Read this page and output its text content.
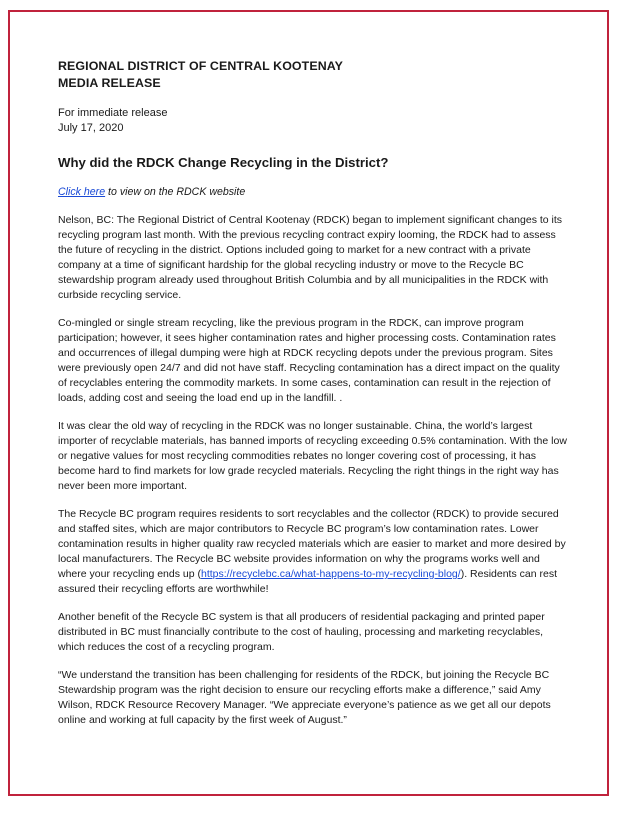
REGIONAL DISTRICT OF CENTRAL KOOTENAY
MEDIA RELEASE
For immediate release
July 17, 2020
Why did the RDCK Change Recycling in the District?
Click here to view on the RDCK website

Nelson, BC: The Regional District of Central Kootenay (RDCK) began to implement significant changes to its recycling program last month. With the previous recycling contract expiry looming, the RDCK had to assess the future of recycling in the district. Options included going to market for a new contract with a private company at a time of significant hardship for the global recycling industry or move to the Recycle BC stewardship program already used throughout British Columbia and by all municipalities in the RDCK with curbside recycling service.

Co-mingled or single stream recycling, like the previous program in the RDCK, can improve program participation; however, it sees higher contamination rates and higher processing costs. Contamination rates and occurrences of illegal dumping were high at RDCK recycling depots under the previous program. Sites were previously open 24/7 and did not have staff. Recycling contamination has a direct impact on the quality of recyclables entering the commodity markets. In some cases, contamination can result in the rejection of loads, adding cost and seeing the load end up in the landfill. .

It was clear the old way of recycling in the RDCK was no longer sustainable. China, the world’s largest importer of recyclable materials, has banned imports of recycling exceeding 0.5% contamination. With the low or negative values for most recycling commodities rebates no longer covering cost of processing, it has become hard to find markets for low grade recycled materials. Recycling the right things in the right way has never been more important.

The Recycle BC program requires residents to sort recyclables and the collector (RDCK) to provide secured and staffed sites, which are major contributors to Recycle BC program’s low contamination rates. Lower contamination results in higher quality raw recycled materials which are easier to market and more desired by local manufacturers. The Recycle BC website provides information on why the programs works well and where your recycling ends up (https://recyclebc.ca/what-happens-to-my-recycling-blog/). Residents can rest assured their recycling efforts are worthwhile!

Another benefit of the Recycle BC system is that all producers of residential packaging and printed paper distributed in BC must financially contribute to the cost of hauling, processing and marketing recyclables, which reduces the cost of a recycling program.

“We understand the transition has been challenging for residents of the RDCK, but joining the Recycle BC Stewardship program was the right decision to ensure our recycling efforts make a difference,” said Amy Wilson, RDCK Resource Recovery Manager. “We appreciate everyone’s patience as we get all our depots online and working at full capacity by the first week of August.”
